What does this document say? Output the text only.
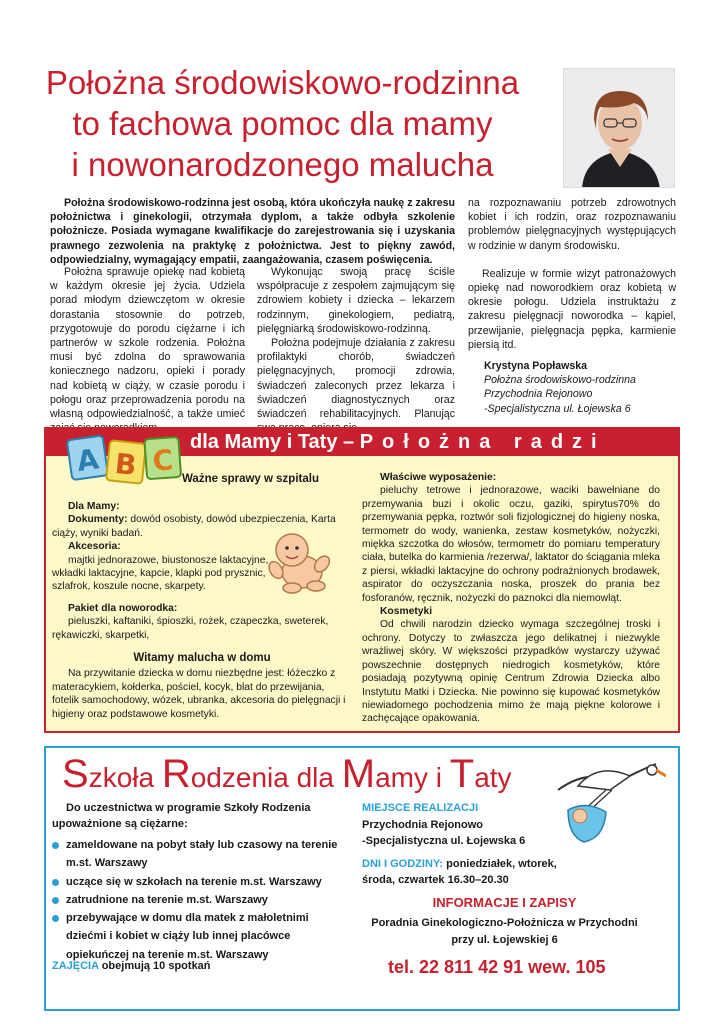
Położna środowiskowo-rodzinna
to fachowa pomoc dla mamy
i nowonarodzonego malucha

Położna środowiskowo-rodzinna jest osobą, która ukończyła naukę z zakresu położnictwa i ginekologii, otrzymała dyplom, a także odbyła szkolenie położnicze. Posiada wymagane kwalifikacje do zarejestrowania się i uzyskania prawnego zezwolenia na praktykę z położnictwa. Jest to piękny zawód, odpowiedzialny, wymagający empatii, zaangażowania, czasem poświęcenia.

Położna sprawuje opiekę nad kobietą w każdym okresie jej życia. Udziela porad młodym dziewczętom w okresie dorastania stosownie do potrzeb, przygotowuje do porodu ciężarne i ich partnerów w szkole rodzenia. Położna musi być zdolna do sprawowania koniecznego nadzoru, opieki i porady nad kobietą w ciąży, w czasie porodu i połogu oraz przeprowadzenia porodu na własną odpowiedzialność, a także umieć

Wykonując swoją pracę ściśle współpracuje z zespołem zajmującym się zdrowiem kobiety i dziecka – lekarzem rodzinnym, ginekologiem, pediatrą, pielęgniarką środowiskowo-rodzinną.

Położna podejmuje działania z zakresu profilaktyki chorób, świadczeń pielęgnacyjnych, promocji zdrowia, świadczeń zaleconych przez lekarza i świadczeń diagnostycznych oraz świadczeń rehabilitacyjnych. Planując

na rozpoznawaniu potrzeb zdrowotnych kobiet i ich rodzin, oraz rozpoznawaniu problemów pielęgnacyjnych występujących w rodzinie w danym środowisku.

Realizuje w formie wizyt patronażowych opiekę nad noworodkiem oraz kobietą w okresie połogu. Udziela instruktażu z zakresu pielęgnacji noworodka – kąpiel, przewijanie, pielęgnacja pępka, karmienie piersią itd.

Krystyna Popławska
Położna środowiskowo-rodzinna
Przychodnia Rejonowo
-Specjalistyczna ul. Łojewska 6
dla Mamy i Taty – Położna radzi
A B C
Ważne sprawy w szpitalu
Dla Mamy:
Dokumenty: dowód osobisty, dowód ubezpieczenia, Karta ciąży, wyniki badań.
Akcesoria:
majtki jednorazowe, biustonosze laktacyjne, wkładki laktacyjne, kapcie, klapki pod prysznic, szlafrok, koszule nocne, skarpety.
Pakiet dla noworodka:
pieluszki, kaftaniki, śpioszki, rożek, czapeczka, sweterek, rękawiczki, skarpetki,
Witamy malucha w domu
Na przywitanie dziecka w domu niezbędne jest: łóżeczko z materacykiem, kołderka, pościel, kocyk, blat do przewijania, fotelik samochodowy, wózek, ubranka, akcesoria do pielęgnacji i higieny oraz podstawowe kosmetyki.
Właściwe wyposażenie:
pieluchy tetrowe i jednorazowe, waciki bawełniane do przemywania buzi i okolic oczu, gaziki, spirytus70% do przemywania pępka, roztwór soli fizjologicznej do higieny noska, termometr do wody, wanienka, zestaw kosmetyków, nożyczki, miękka szczotka do włosów, termometr do pomiaru temperatury ciała, butelka do karmienia /rezerwa/, laktator do ściągania mleka z piersi, wkładki laktacyjne do ochrony podrażnionych brodawek, aspirator do oczyszczania noska, proszek do prania bez fosforanów, ręcznik, nożyczki do paznokci dla niemowląt.
Kosmetyki
Od chwili narodzin dziecko wymaga szczególnej troski i ochrony. Dotyczy to zwłaszcza jego delikatnej i niezwykle wrażliwej skóry. W większości przypadków wystarczy używać powszechnie dostępnych niedrogich kosmetyków, które posiadają pozytywną opinię Centrum Zdrowia Dziecka albo Instytutu Matki i Dziecka. Nie powinno się kupować kosmetyków niewiadomego pochodzenia mimo że mają piękne kolorowe i zachęcające opakowania.
Szkoła Rodzenia dla Mamy i Taty
Do uczestnictwa w programie Szkoły Rodzenia upoważnione są ciężarne:
zameldowane na pobyt stały lub czasowy na terenie m.st. Warszawy
uczące się w szkołach na terenie m.st. Warszawy
zatrudnione na terenie m.st. Warszawy
przebywające w domu dla matek z małoletnimi dziećmi i kobiet w ciąży lub innej placówce opiekuńczej na terenie m.st. Warszawy
ZAJĘCIA obejmują 10 spotkań
MIEJSCE REALIZACJI
Przychodnia Rejonowo
-Specjalistyczna ul. Łojewska 6
DNI I GODZINY: poniedziałek, wtorek, środa, czwartek 16.30–20.30
INFORMACJE I ZAPISY
Poradnia Ginekologiczno-Położnicza w Przychodni
przy ul. Łojewskiej 6
tel. 22 811 42 91 wew. 105
